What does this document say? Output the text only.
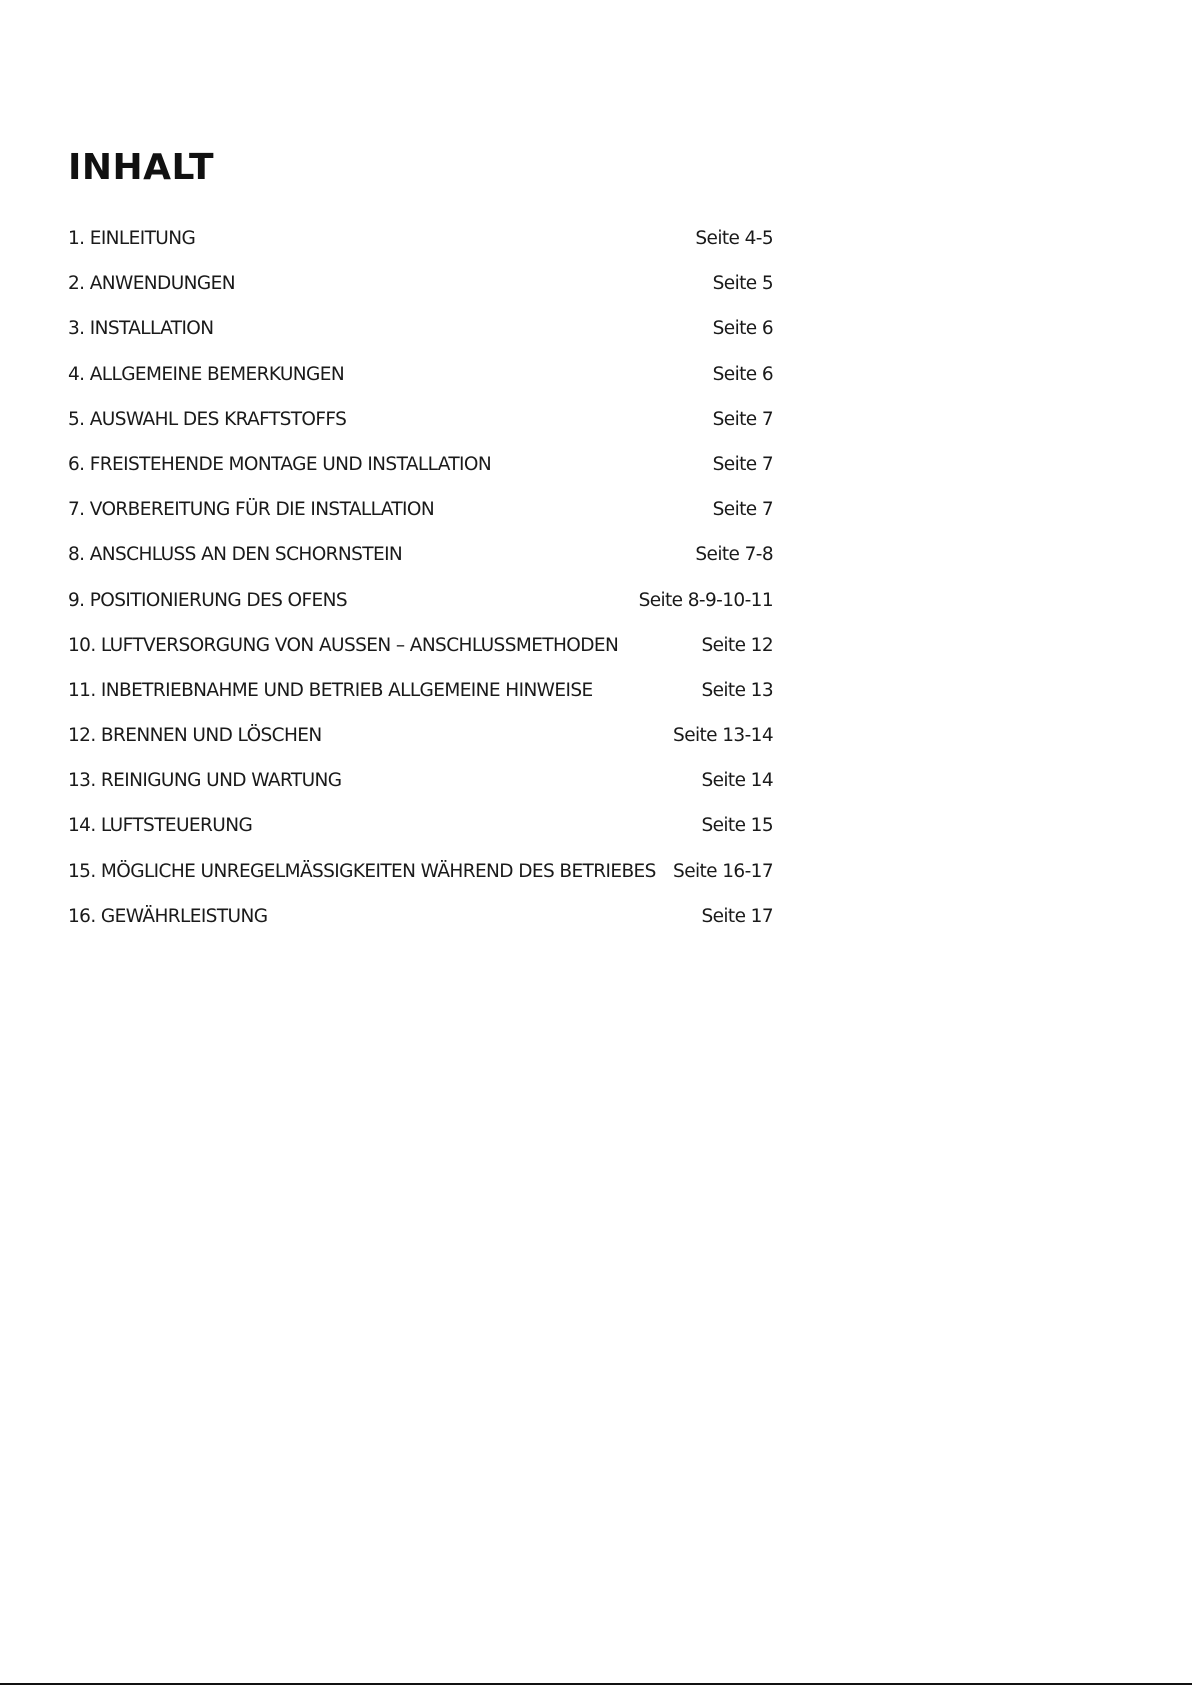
INHALT
1. EINLEITUNG	Seite 4-5
2. ANWENDUNGEN	Seite 5
3. INSTALLATION	Seite 6
4. ALLGEMEINE BEMERKUNGEN	Seite 6
5. AUSWAHL DES KRAFTSTOFFS	Seite 7
6. FREISTEHENDE MONTAGE UND INSTALLATION	Seite 7
7. VORBEREITUNG FÜR DIE INSTALLATION	Seite 7
8. ANSCHLUSS AN DEN SCHORNSTEIN	Seite 7-8
9. POSITIONIERUNG DES OFENS	Seite 8-9-10-11
10. LUFTVERSORGUNG VON AUSSEN – ANSCHLUSSMETHODEN	Seite 12
11. INBETRIEBNAHME UND BETRIEB ALLGEMEINE HINWEISE	Seite 13
12. BRENNEN UND LÖSCHEN	Seite 13-14
13. REINIGUNG UND WARTUNG	Seite 14
14. LUFTSTEUERUNG	Seite 15
15. MÖGLICHE UNREGELMÄSSIGKEITEN WÄHREND DES BETRIEBES Seite 16-17
16. GEWÄHRLEISTUNG	Seite 17
